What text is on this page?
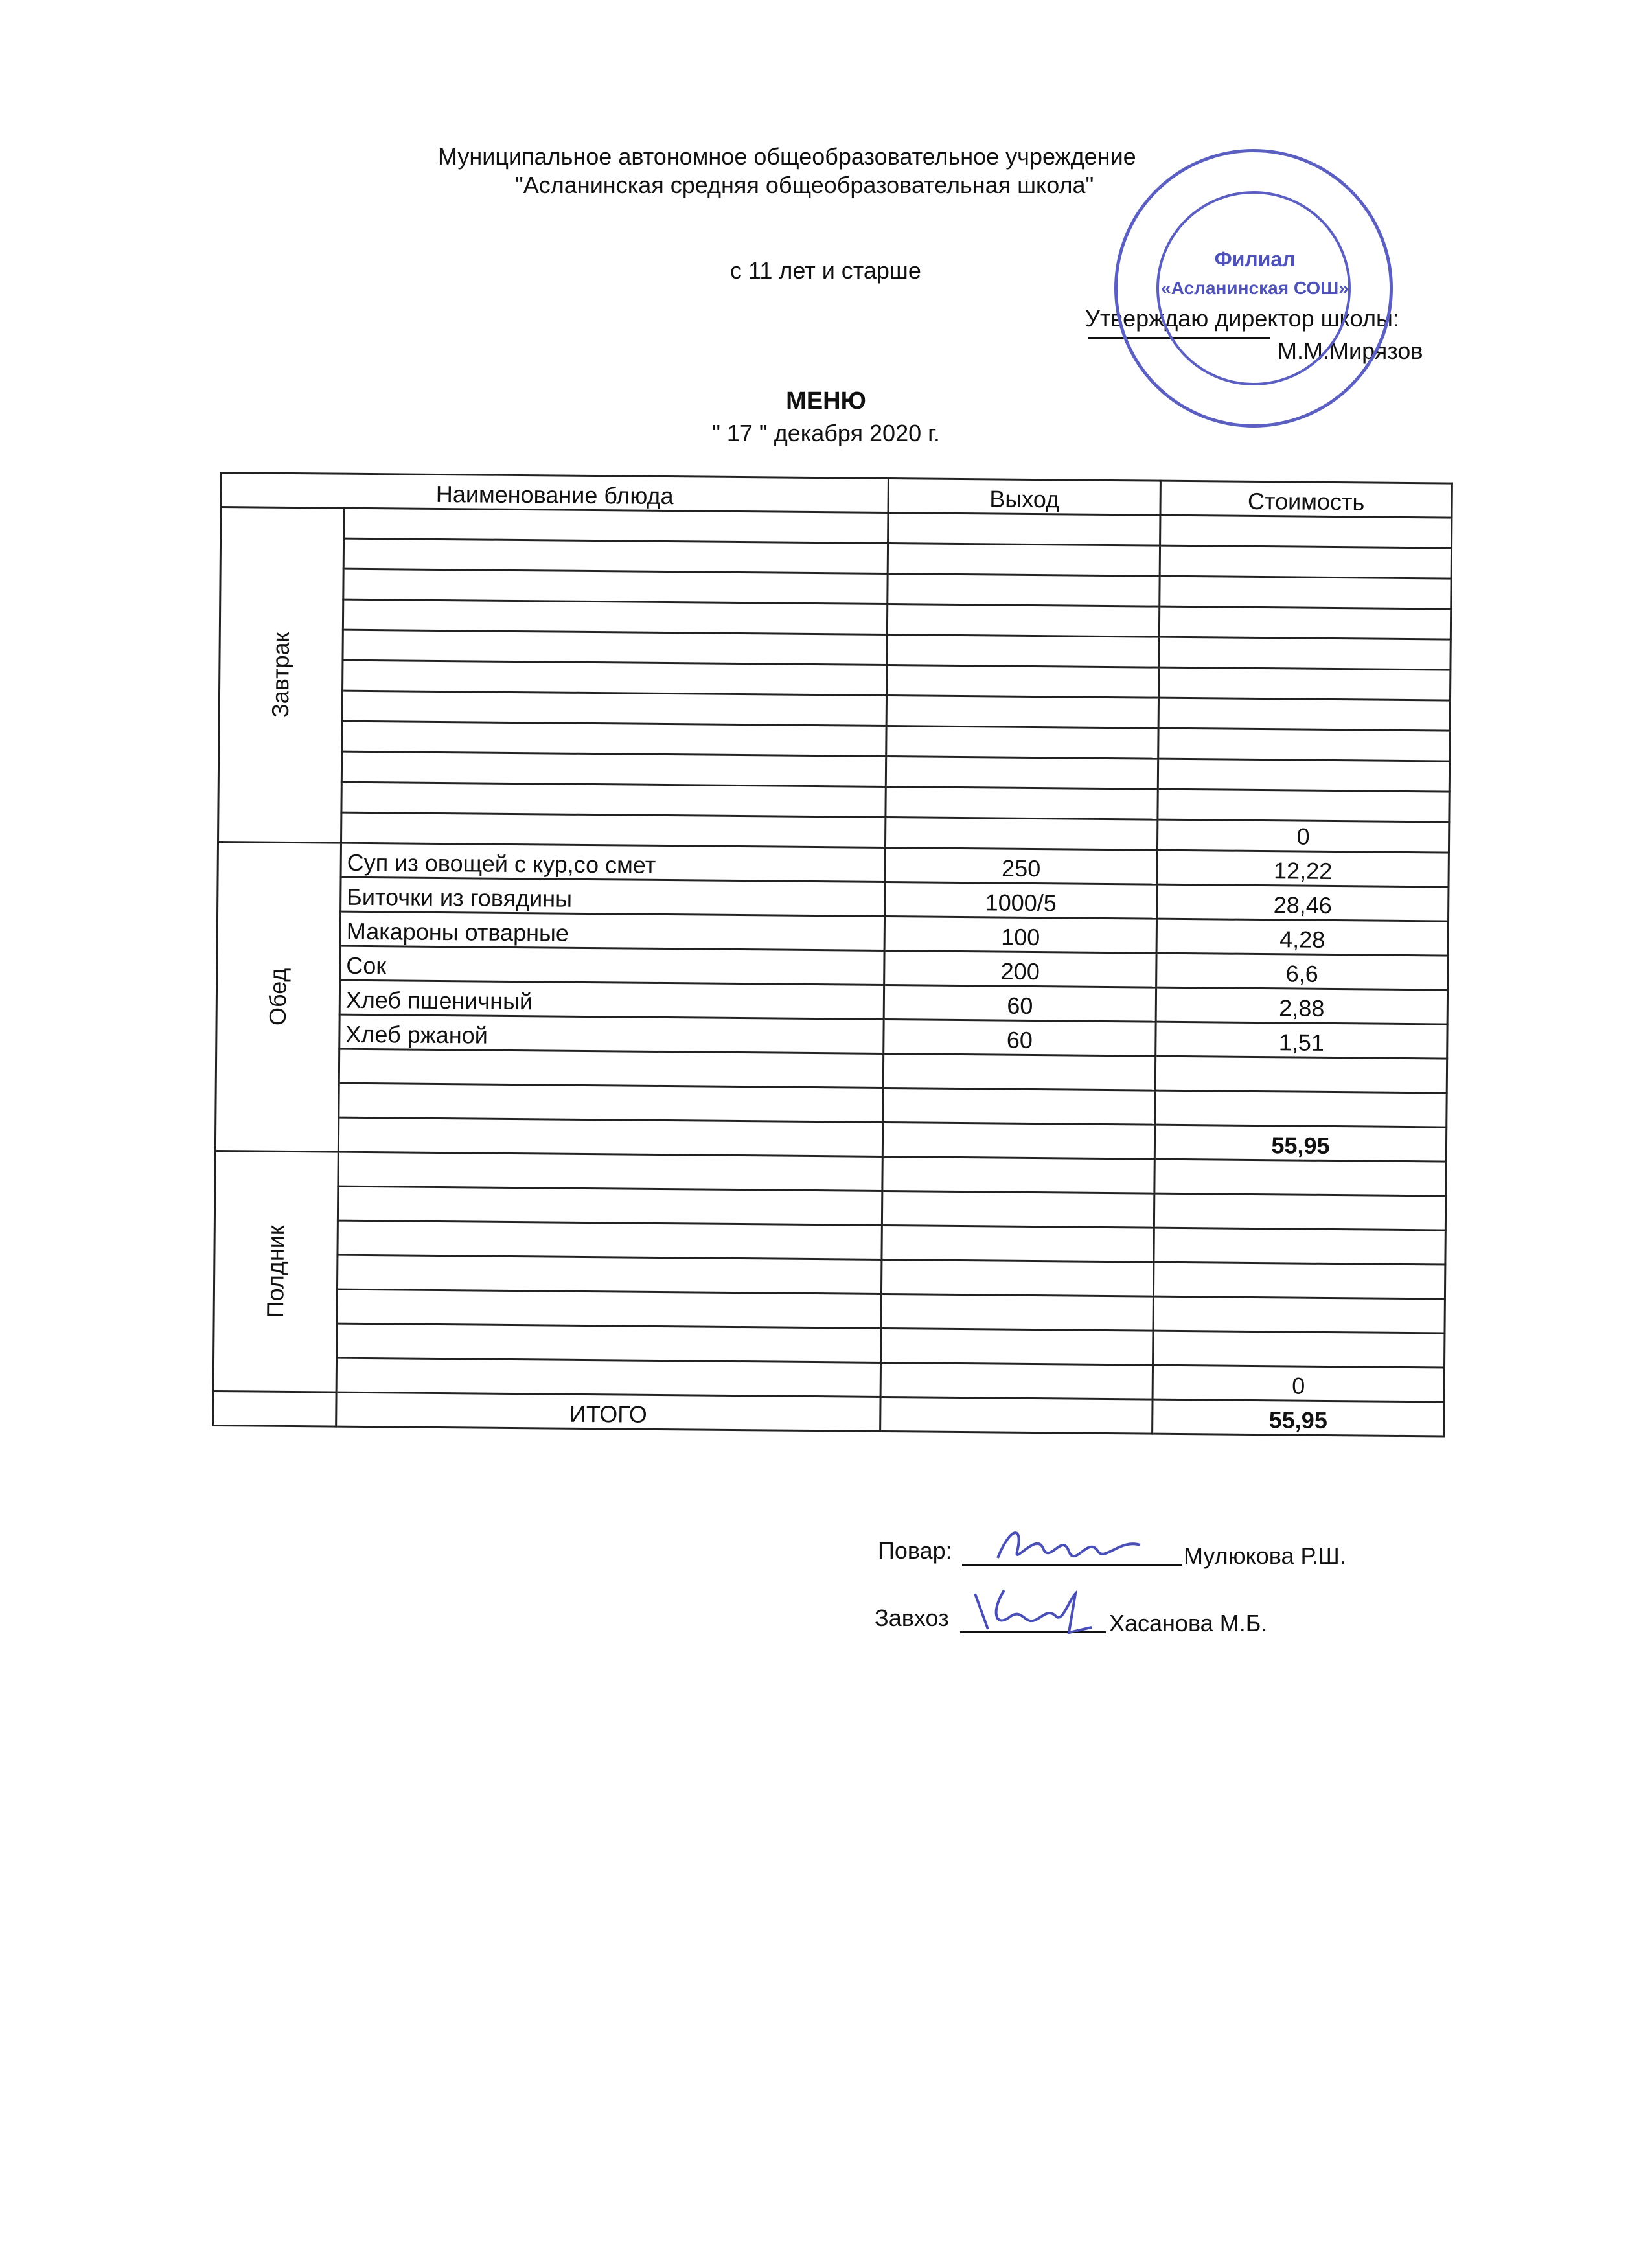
Муниципальное автономное общеобразовательное учреждение
"Асланинская средняя общеобразовательная школа"
с 11 лет и старше
Утверждаю директор школы:
М.М.Мирязов
Филиал
«Асланинская СОШ»
МЕНЮ
" 17 " декабря 2020 г.
Наименование блюда		Выход	Стоимость
Завтрак			

			0
Обед	Суп из овощей с кур,со смет	250	12,22
	Биточки из говядины	1000/5	28,46
	Макароны отварные	100	4,28
	Сок	200	6,6
	Хлеб пшеничный	60	2,88
	Хлеб ржаной	60	1,51

			55,95
Полдник			

			0
	ИТОГО		55,95
Повар:	Мулюкова Р.Ш.
Завхоз	Хасанова М.Б.
